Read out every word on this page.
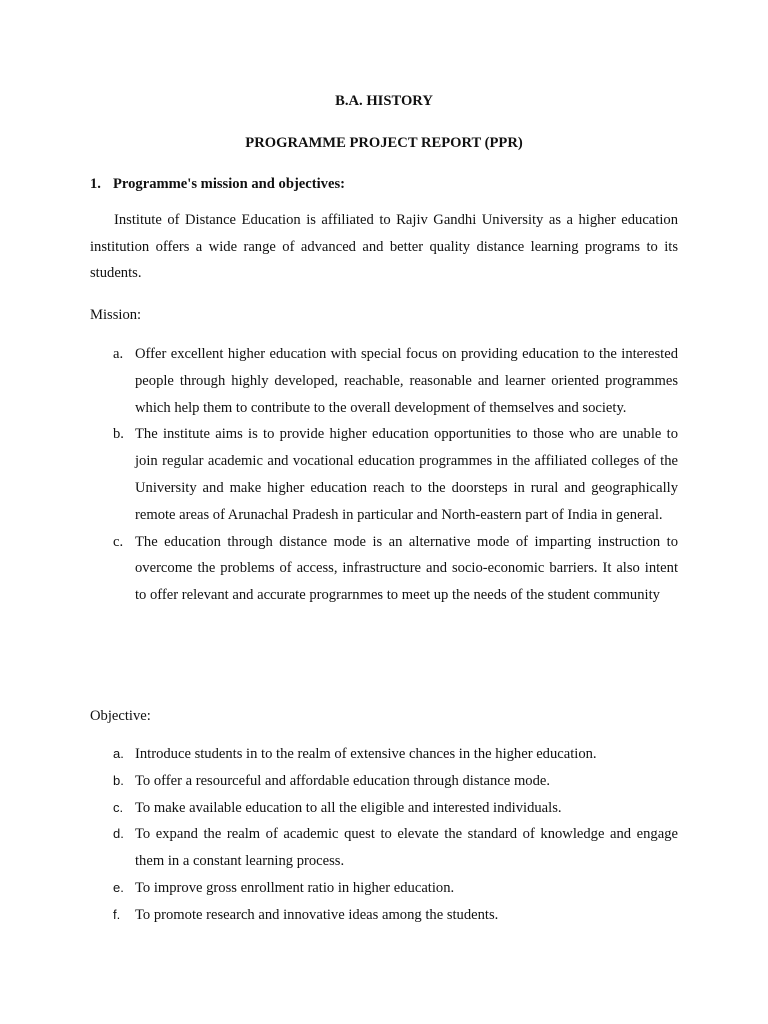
B.A. HISTORY
PROGRAMME PROJECT REPORT (PPR)
1. Programme's mission and objectives:

Institute of Distance Education is affiliated to Rajiv Gandhi University as a higher education institution offers a wide range of advanced and better quality distance learning programs to its students.

Mission:
a. Offer excellent higher education with special focus on providing education to the interested people through highly developed, reachable, reasonable and learner oriented programmes which help them to contribute to the overall development of themselves and society.
b. The institute aims is to provide higher education opportunities to those who are unable to join regular academic and vocational education programmes in the affiliated colleges of the University and make higher education reach to the doorsteps in rural and geographically remote areas of Arunachal Pradesh in particular and North-eastern part of India in general.
c. The education through distance mode is an alternative mode of imparting instruction to overcome the problems of access, infrastructure and socio-economic barriers. It also intent to offer relevant and accurate prograrnmes to meet up the needs of the student community
Objective:
a. Introduce students in to the realm of extensive chances in the higher education.
b. To offer a resourceful and affordable education through distance mode.
c. To make available education to all the eligible and interested individuals.
d. To expand the realm of academic quest to elevate the standard of knowledge and engage them in a constant learning process.
e. To improve gross enrollment ratio in higher education.
f. To promote research and innovative ideas among the students.
